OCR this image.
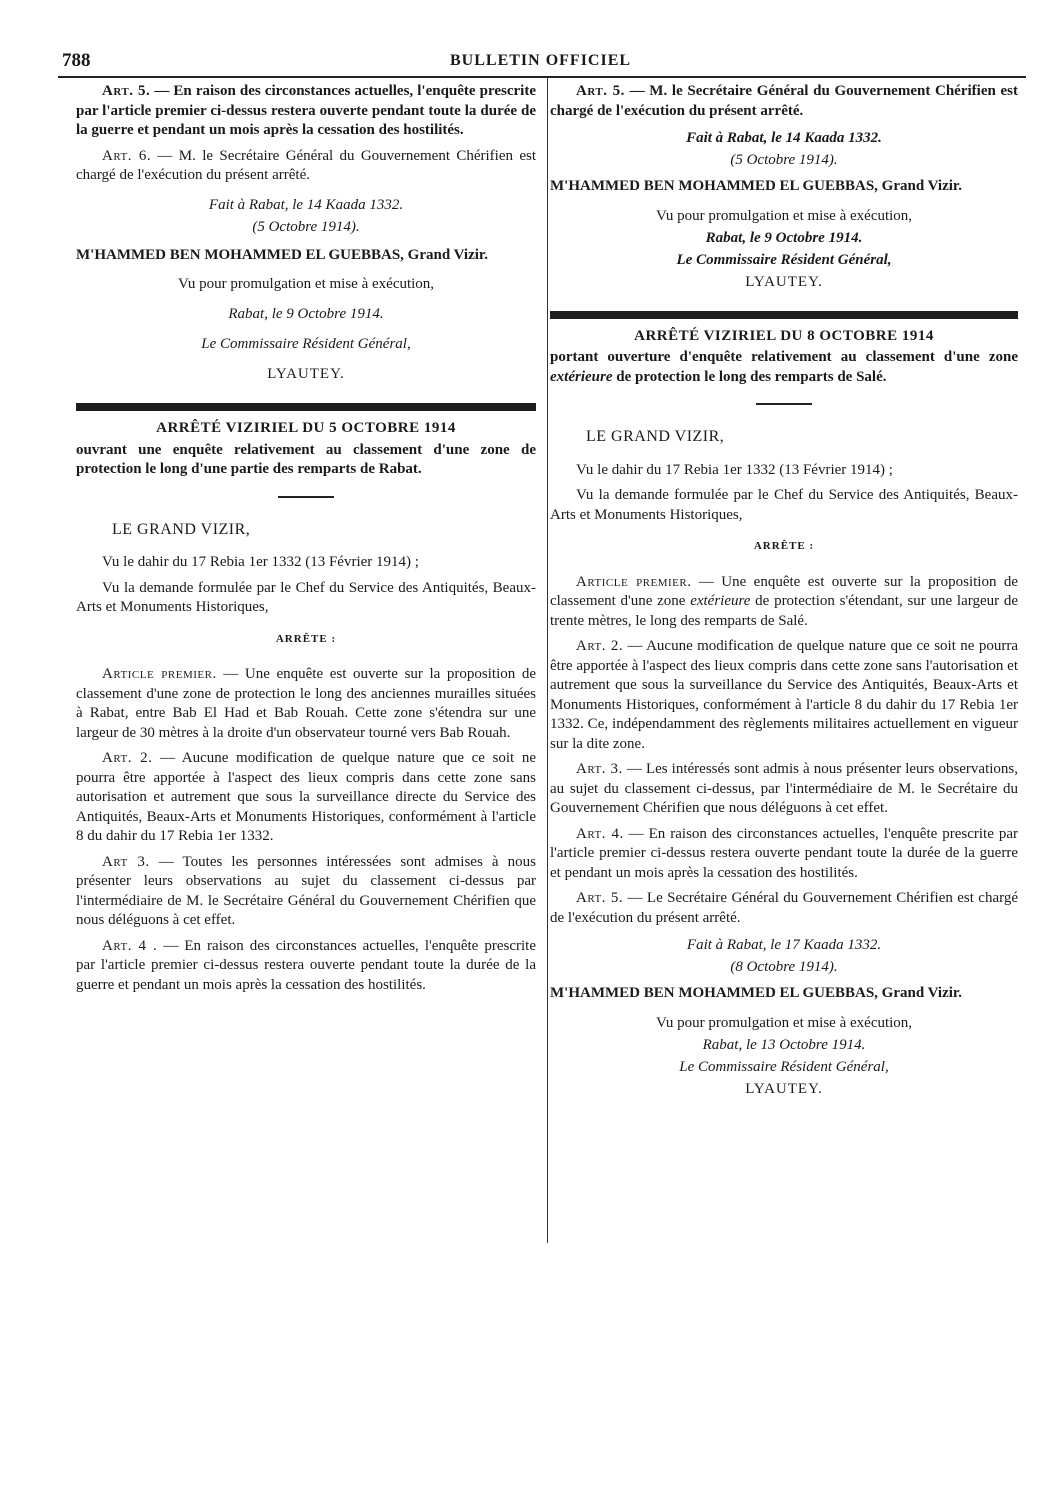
788	BULLETIN OFFICIEL

Art. 5. — En raison des circonstances actuelles, l'enquête prescrite par l'article premier ci-dessus restera ouverte pendant toute la durée de la guerre et pendant un mois après la cessation des hostilités.

Art. 6. — M. le Secrétaire Général du Gouvernement Chérifien est chargé de l'exécution du présent arrêté.

Fait à Rabat, le 14 Kaada 1332.
(5 Octobre 1914).
M'HAMMED BEN MOHAMMED EL GUEBBAS, Grand Vizir.
Vu pour promulgation et mise à exécution,
Rabat, le 9 Octobre 1914.
Le Commissaire Résident Général,
LYAUTEY.
ARRÊTÉ VIZIRIEL DU 5 OCTOBRE 1914

ouvrant une enquête relativement au classement d'une zone de protection le long d'une partie des remparts de Rabat.

LE GRAND VIZIR,

Vu le dahir du 17 Rebia 1er 1332 (13 Février 1914) ;

Vu la demande formulée par le Chef du Service des Antiquités, Beaux-Arts et Monuments Historiques,

ARRÊTE :

Article premier. — Une enquête est ouverte sur la proposition de classement d'une zone de protection le long des anciennes murailles situées à Rabat, entre Bab El Had et Bab Rouah. Cette zone s'étendra sur une largeur de 30 mètres à la droite d'un observateur tourné vers Bab Rouah.

Art. 2. — Aucune modification de quelque nature que ce soit ne pourra être apportée à l'aspect des lieux compris dans cette zone sans autorisation et autrement que sous la surveillance directe du Service des Antiquités, Beaux-Arts et Monuments Historiques, conformément à l'article 8 du dahir du 17 Rebia 1er 1332.

Art 3. — Toutes les personnes intéressées sont admises à nous présenter leurs observations au sujet du classement ci-dessus par l'intermédiaire de M. le Secrétaire Général du Gouvernement Chérifien que nous déléguons à cet effet.

Art. 4 . — En raison des circonstances actuelles, l'enquête prescrite par l'article premier ci-dessus restera ouverte pendant toute la durée de la guerre et pendant un mois après la cessation des hostilités.

Art. 5. — M. le Secrétaire Général du Gouvernement Chérifien est chargé de l'exécution du présent arrêté.

Fait à Rabat, le 14 Kaada 1332.
(5 Octobre 1914).
M'HAMMED BEN MOHAMMED EL GUEBBAS, Grand Vizir.
Vu pour promulgation et mise à exécution,
Rabat, le 9 Octobre 1914.
Le Commissaire Résident Général,
LYAUTEY.
ARRÊTÉ VIZIRIEL DU 8 OCTOBRE 1914

portant ouverture d'enquête relativement au classement d'une zone extérieure de protection le long des remparts de Salé.

LE GRAND VIZIR,

Vu le dahir du 17 Rebia 1er 1332 (13 Février 1914) ;

Vu la demande formulée par le Chef du Service des Antiquités, Beaux-Arts et Monuments Historiques,

ARRÊTE :

Article premier. — Une enquête est ouverte sur la proposition de classement d'une zone extérieure de protection s'étendant, sur une largeur de trente mètres, le long des remparts de Salé.

Art. 2. — Aucune modification de quelque nature que ce soit ne pourra être apportée à l'aspect des lieux compris dans cette zone sans l'autorisation et autrement que sous la surveillance du Service des Antiquités, Beaux-Arts et Monuments Historiques, conformément à l'article 8 du dahir du 17 Rebia 1er 1332. Ce, indépendamment des règlements militaires actuellement en vigueur sur la dite zone.

Art. 3. — Les intéressés sont admis à nous présenter leurs observations, au sujet du classement ci-dessus, par l'intermédiaire de M. le Secrétaire du Gouvernement Chérifien que nous déléguons à cet effet.

Art. 4. — En raison des circonstances actuelles, l'enquête prescrite par l'article premier ci-dessus restera ouverte pendant toute la durée de la guerre et pendant un mois après la cessation des hostilités.

Art. 5. — Le Secrétaire Général du Gouvernement Chérifien est chargé de l'exécution du présent arrêté.

Fait à Rabat, le 17 Kaada 1332.
(8 Octobre 1914).
M'HAMMED BEN MOHAMMED EL GUEBBAS, Grand Vizir.
Vu pour promulgation et mise à exécution,
Rabat, le 13 Octobre 1914.
Le Commissaire Résident Général,
LYAUTEY.
